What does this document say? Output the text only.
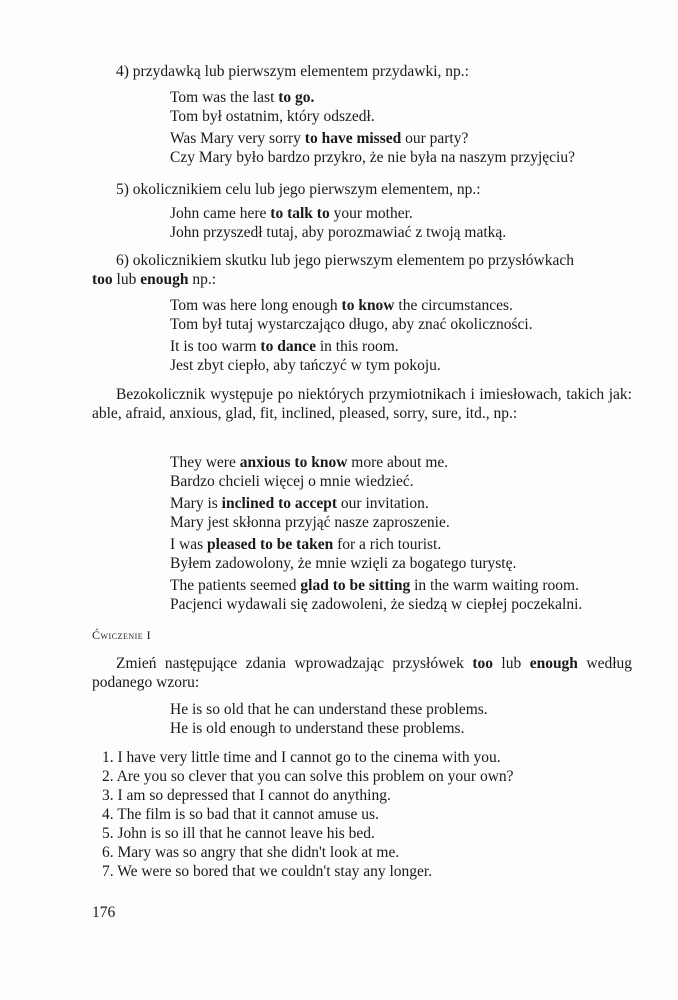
4) przydawką lub pierwszym elementem przydawki, np.:
Tom was the last to go.
Tom był ostatnim, który odszedł.
Was Mary very sorry to have missed our party?
Czy Mary było bardzo przykro, że nie była na naszym przyjęciu?
5) okolicznikiem celu lub jego pierwszym elementem, np.:
John came here to talk to your mother.
John przyszedł tutaj, aby porozmawiać z twoją matką.
6) okolicznikiem skutku lub jego pierwszym elementem po przysłówkach
too lub enough np.:
Tom was here long enough to know the circumstances.
Tom był tutaj wystarczająco długo, aby znać okoliczności.
It is too warm to dance in this room.
Jest zbyt ciepło, aby tańczyć w tym pokoju.
Bezokolicznik występuje po niektórych przymiotnikach i imiesłowach, takich jak: able, afraid, anxious, glad, fit, inclined, pleased, sorry, sure, itd., np.:
They were anxious to know more about me.
Bardzo chcieli więcej o mnie wiedzieć.
Mary is inclined to accept our invitation.
Mary jest skłonna przyjąć nasze zaproszenie.
I was pleased to be taken for a rich tourist.
Byłem zadowolony, że mnie wzięli za bogatego turystę.
The patients seemed glad to be sitting in the warm waiting room.
Pacjenci wydawali się zadowoleni, że siedzą w ciepłej poczekalni.
Ćwiczenie I
Zmień następujące zdania wprowadzając przysłówek too lub enough według podanego wzoru:
He is so old that he can understand these problems.
He is old enough to understand these problems.
1. I have very little time and I cannot go to the cinema with you.
2. Are you so clever that you can solve this problem on your own?
3. I am so depressed that I cannot do anything.
4. The film is so bad that it cannot amuse us.
5. John is so ill that he cannot leave his bed.
6. Mary was so angry that she didn't look at me.
7. We were so bored that we couldn't stay any longer.
176
